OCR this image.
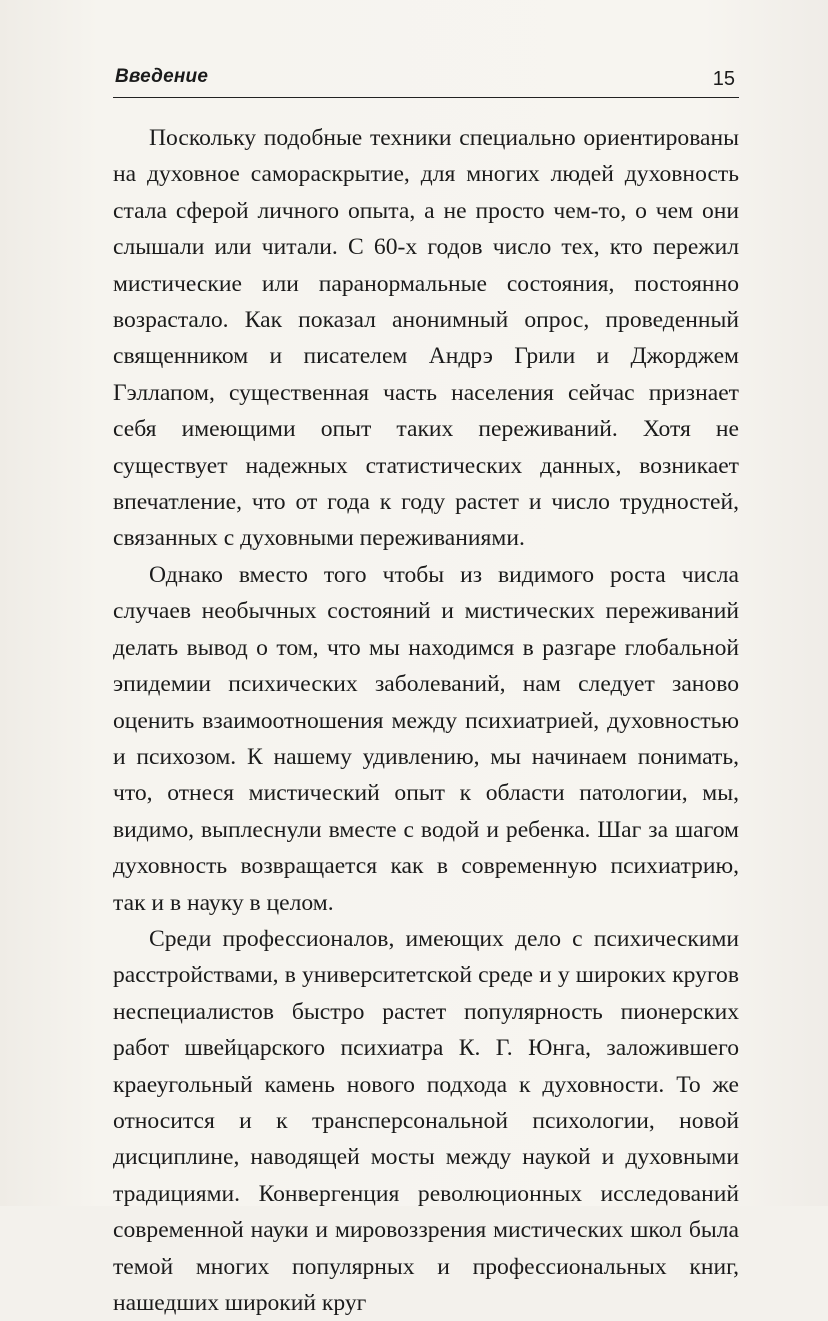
Введение	15

Поскольку подобные техники специально ориентированы на духовное самораскрытие, для многих людей духовность стала сферой личного опыта, а не просто чем-то, о чем они слышали или читали. С 60-х годов число тех, кто пережил мистические или паранормальные состояния, постоянно возрастало. Как показал анонимный опрос, проведенный священником и писателем Андрэ Грили и Джорджем Гэллапом, существенная часть населения сейчас признает себя имеющими опыт таких переживаний. Хотя не существует надежных статистических данных, возникает впечатление, что от года к году растет и число трудностей, связанных с духовными переживаниями.

Однако вместо того чтобы из видимого роста числа случаев необычных состояний и мистических переживаний делать вывод о том, что мы находимся в разгаре глобальной эпидемии психических заболеваний, нам следует заново оценить взаимоотношения между психиатрией, духовностью и психозом. К нашему удивлению, мы начинаем понимать, что, отнеся мистический опыт к области патологии, мы, видимо, выплеснули вместе с водой и ребенка. Шаг за шагом духовность возвращается как в современную психиатрию, так и в науку в целом.

Среди профессионалов, имеющих дело с психическими расстройствами, в университетской среде и у широких кругов неспециалистов быстро растет популярность пионерских работ швейцарского психиатра К. Г. Юнга, заложившего краеугольный камень нового подхода к духовности. То же относится и к трансперсональной психологии, новой дисциплине, наводящей мосты между наукой и духовными традициями. Конвергенция революционных исследований современной науки и мировоззрения мистических школ была темой многих популярных и профессиональных книг, нашедших широкий круг
